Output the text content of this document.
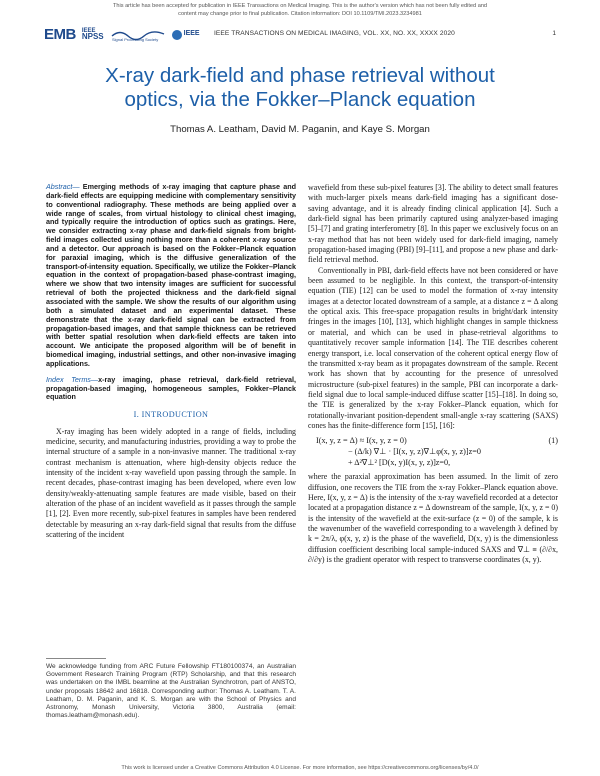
This article has been accepted for publication in IEEE Transactions on Medical Imaging. This is the author's version which has not been fully edited and
content may change prior to final publication. Citation information: DOI 10.1109/TMI.2023.3234981
EMB IEEE
NPSS Signal Processing Society
IEEE IEEE TRANSACTIONS ON MEDICAL IMAGING, VOL. XX, NO. XX, XXXX 2020	1
X-ray dark-field and phase retrieval without
optics, via the Fokker–Planck equation
Thomas A. Leatham, David M. Paganin, and Kaye S. Morgan
Abstract— Emerging methods of x-ray imaging that capture phase and dark-field effects are equipping medicine with complementary sensitivity to conventional radiography. These methods are being applied over a wide range of scales, from virtual histology to clinical chest imaging, and typically require the introduction of optics such as gratings. Here, we consider extracting x-ray phase and dark-field signals from bright-field images collected using nothing more than a coherent x-ray source and a detector. Our approach is based on the Fokker–Planck equation for paraxial imaging, which is the diffusive generalization of the transport-of-intensity equation. Specifically, we utilize the Fokker–Planck equation in the context of propagation-based phase-contrast imaging, where we show that two intensity images are sufficient for successful retrieval of both the projected thickness and the dark-field signal associated with the sample. We show the results of our algorithm using both a simulated dataset and an experimental dataset. These demonstrate that the x-ray dark-field signal can be extracted from propagation-based images, and that sample thickness can be retrieved with better spatial resolution when dark-field effects are taken into account. We anticipate the proposed algorithm will be of benefit in biomedical imaging, industrial settings, and other non-invasive imaging applications.
Index Terms—x-ray imaging, phase retrieval, dark-field retrieval, propagation-based imaging, homogeneous samples, Fokker–Planck equation
I. INTRODUCTION

X-ray imaging has been widely adopted in a range of fields, including medicine, security, and manufacturing industries, providing a way to probe the internal structure of a sample in a non-invasive manner. The traditional x-ray contrast mechanism is attenuation, where high-density objects reduce the intensity of the incident x-ray wavefield upon passing through the sample. In recent decades, phase-contrast imaging has been developed, where even low density/weakly-attenuating sample features are made visible, based on their alteration of the phase of an incident wavefield as it passes through the sample [1], [2]. Even more recently, sub-pixel features in samples have been rendered detectable by measuring an x-ray dark-field signal that results from the diffuse scattering of the incident

wavefield from these sub-pixel features [3]. The ability to detect small features with much-larger pixels means dark-field imaging has a significant dose-saving advantage, and it is already finding clinical application [4]. Such a dark-field signal has been primarily captured using analyzer-based imaging [5]–[7] and grating interferometry [8]. In this paper we exclusively focus on an x-ray method that has not been widely used for dark-field imaging, namely propagation-based imaging (PBI) [9]–[11], and propose a new phase and dark-field retrieval method.

Conventionally in PBI, dark-field effects have not been considered or have been assumed to be negligible. In this context, the transport-of-intensity equation (TIE) [12] can be used to model the formation of x-ray intensity images at a detector located downstream of a sample, at a distance z = Δ along the optical axis. This free-space propagation results in bright/dark intensity fringes in the images [10], [13], which highlight changes in sample thickness or material, and which can be used in phase-retrieval algorithms to quantitatively recover sample information [14]. The TIE describes coherent energy transport, i.e. local conservation of the coherent optical energy flow of the transmitted x-ray beam as it propagates downstream of the sample. Recent work has shown that by accounting for the presence of unresolved microstructure (sub-pixel features) in the sample, PBI can incorporate a dark-field signal due to local sample-induced diffuse scatter [15]–[18]. In doing so, the TIE is generalized by the x-ray Fokker–Planck equation, which for rotationally-invariant position-dependent small-angle x-ray scattering (SAXS) cones has the finite-difference form [15], [16]:

I(x, y, z = Δ) ≈ I(x, y, z = 0)
− (Δ/k) ∇⊥ · [I(x, y, z)∇⊥φ(x, y, z)]z=0
+ Δ²∇⊥² [D(x, y)I(x, y, z)]z=0,
(1)

where the paraxial approximation has been assumed. In the limit of zero diffusion, one recovers the TIE from the x-ray Fokker–Planck equation above. Here, I(x, y, z = Δ) is the intensity of the x-ray wavefield recorded at a detector located at a propagation distance z = Δ downstream of the sample, I(x, y, z = 0) is the intensity of the wavefield at the exit-surface (z = 0) of the sample, k is the wavenumber of the wavefield corresponding to a wavelength λ defined by k = 2π/λ, φ(x, y, z) is the phase of the wavefield, D(x, y) is the dimensionless diffusion coefficient describing local sample-induced SAXS and ∇⊥ ≡ (∂/∂x, ∂/∂y) is the gradient operator with respect to transverse coordinates (x, y).

We acknowledge funding from ARC Future Fellowship FT180100374, an Australian Government Research Training Program (RTP) Scholarship, and that this research was undertaken on the IMBL beamline at the Australian Synchrotron, part of ANSTO, under proposals 18642 and 16818. Corresponding author: Thomas A. Leatham. T. A. Leatham, D. M. Paganin, and K. S. Morgan are with the School of Physics and Astronomy, Monash University, Victoria 3800, Australia (email: thomas.leatham@monash.edu).
This work is licensed under a Creative Commons Attribution 4.0 License. For more information, see https://creativecommons.org/licenses/by/4.0/
